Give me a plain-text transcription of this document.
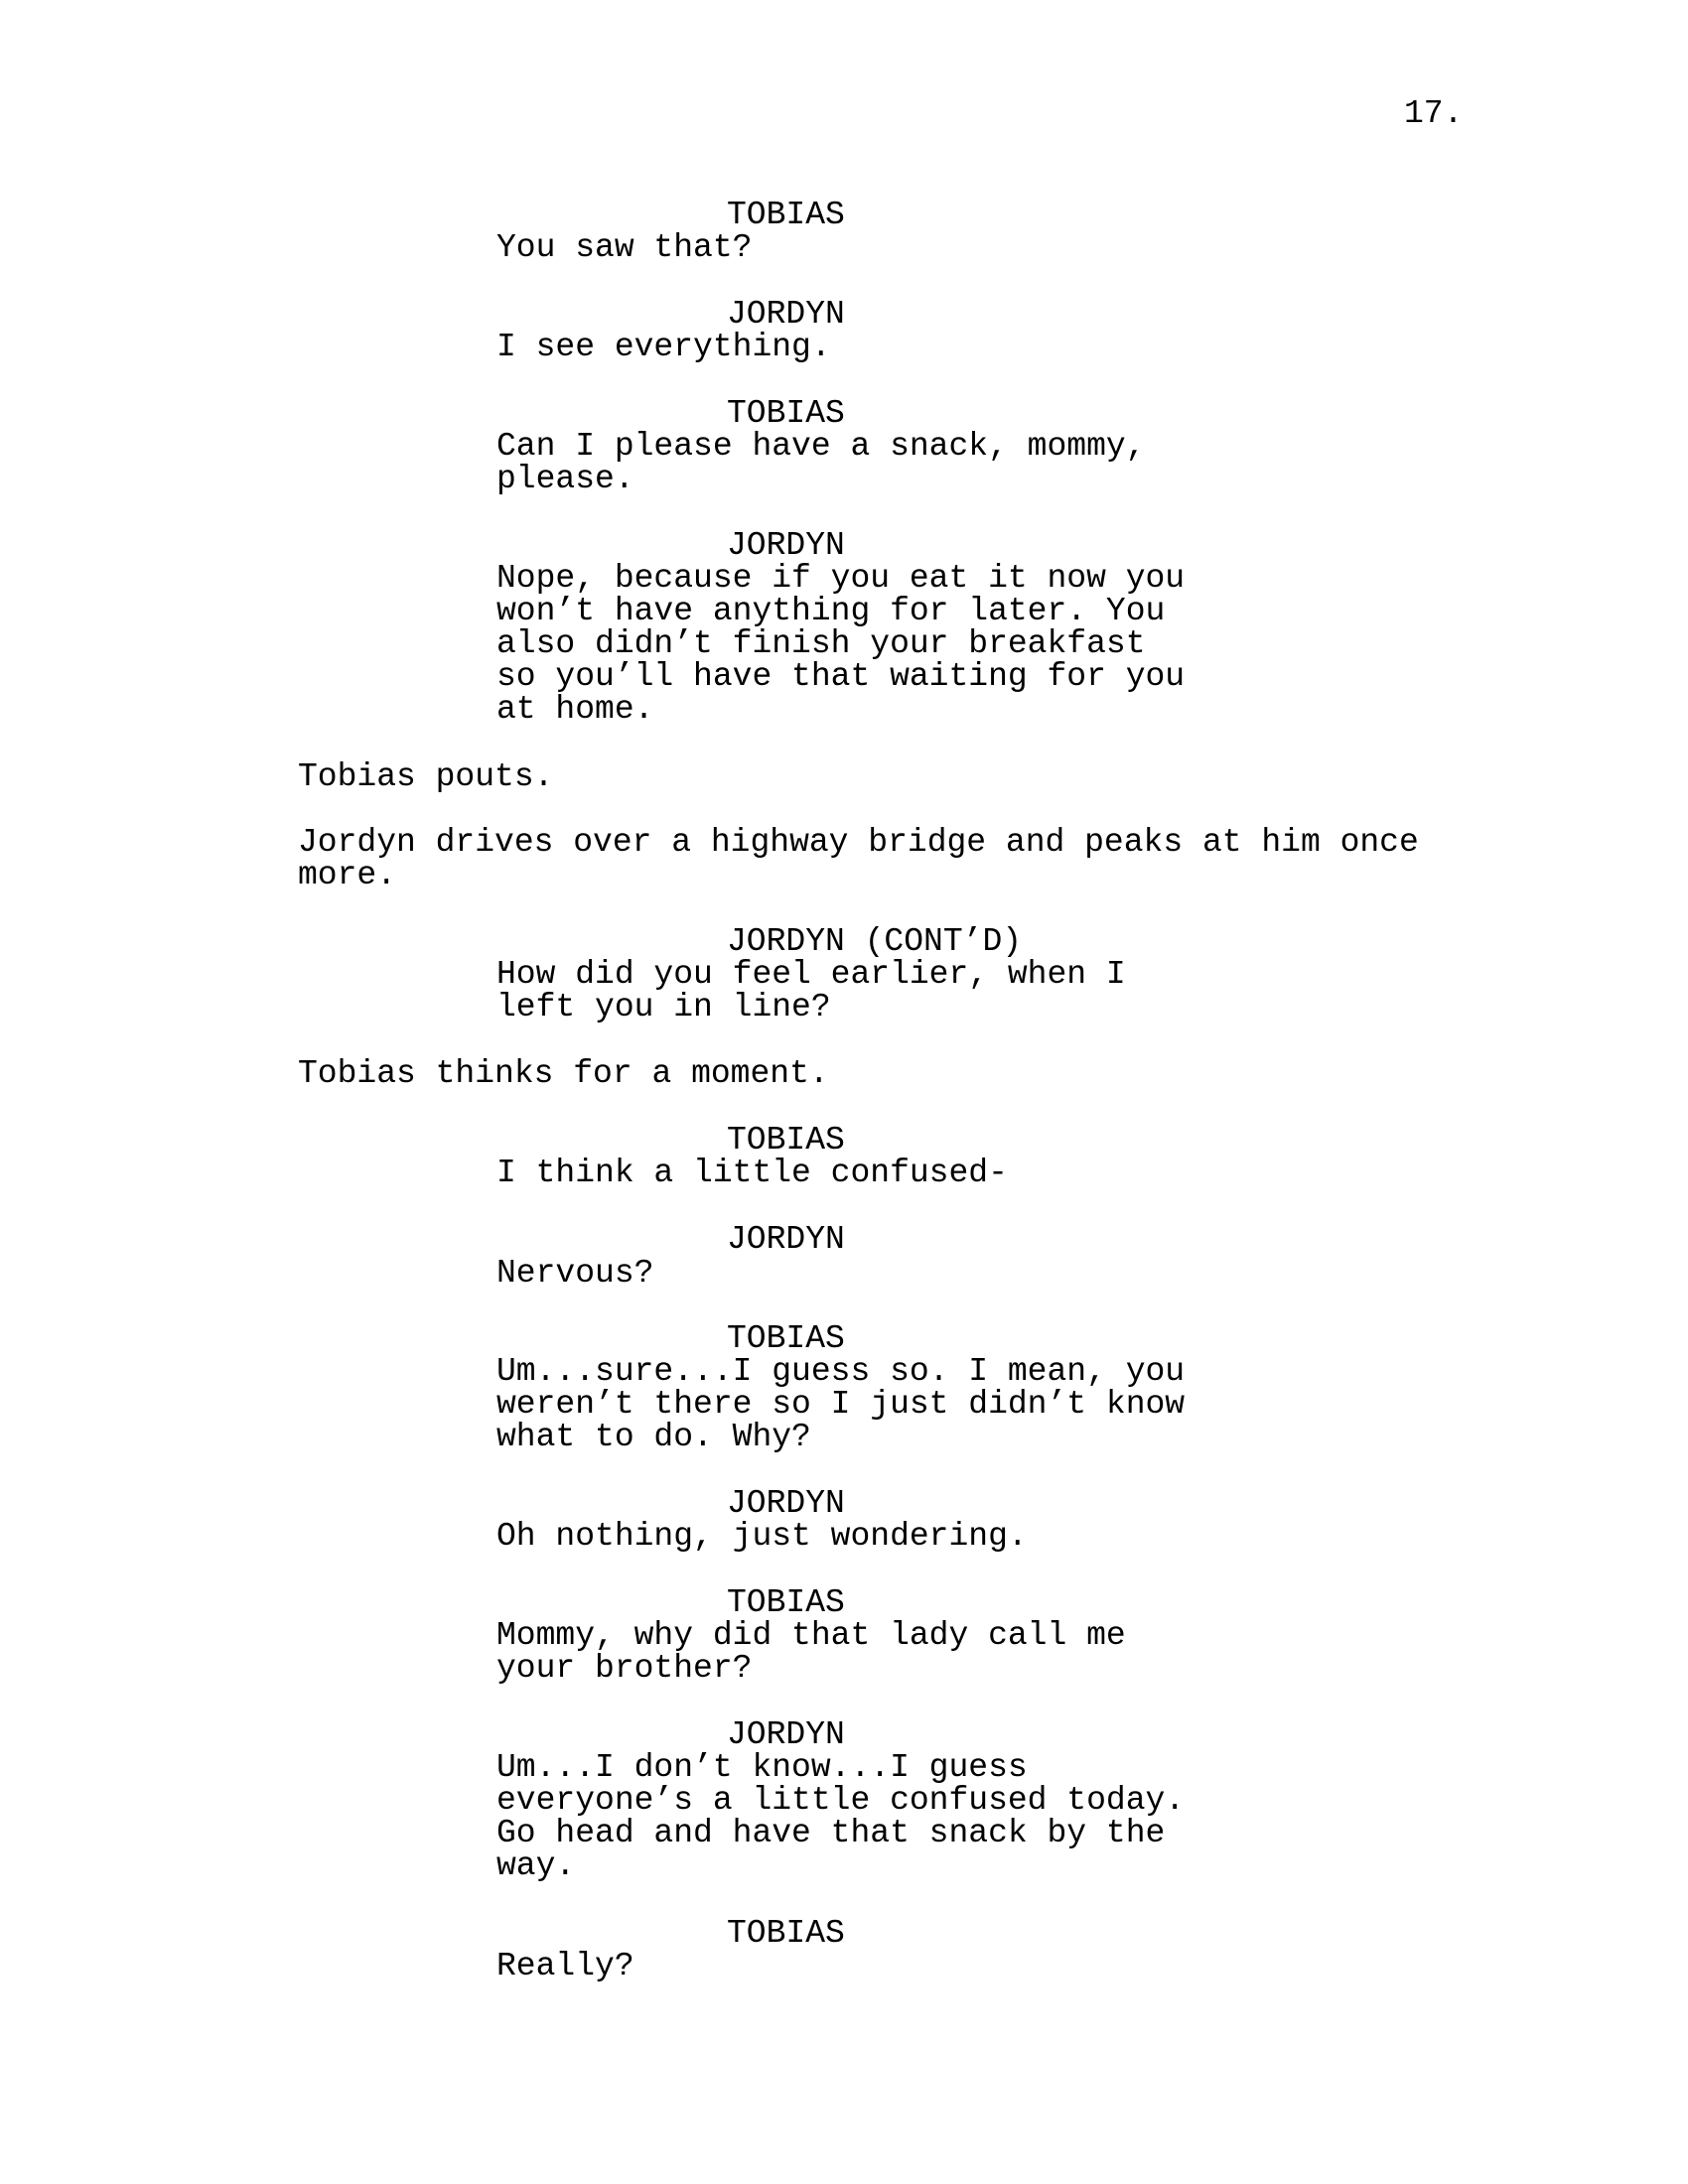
17.
TOBIAS
You saw that?
JORDYN
I see everything.
TOBIAS
Can I please have a snack, mommy,
please.
JORDYN
Nope, because if you eat it now you
won’t have anything for later. You
also didn’t finish your breakfast
so you’ll have that waiting for you
at home.
Tobias pouts.
Jordyn drives over a highway bridge and peaks at him once
more.
JORDYN (CONT’D)
How did you feel earlier, when I
left you in line?
Tobias thinks for a moment.
TOBIAS
I think a little confused-
JORDYN
Nervous?
TOBIAS
Um...sure...I guess so. I mean, you
weren’t there so I just didn’t know
what to do. Why?
JORDYN
Oh nothing, just wondering.
TOBIAS
Mommy, why did that lady call me
your brother?
JORDYN
Um...I don’t know...I guess
everyone’s a little confused today.
Go head and have that snack by the
way.
TOBIAS
Really?
